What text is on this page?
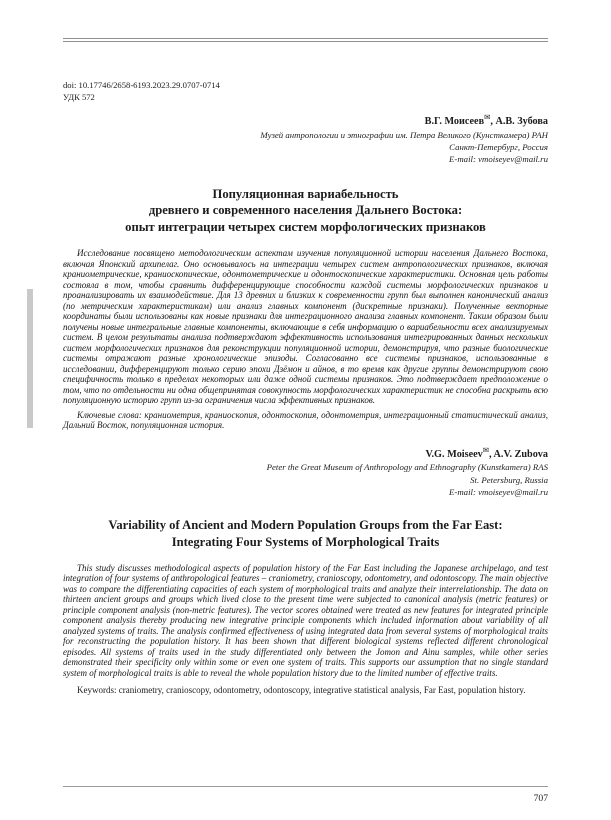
doi: 10.17746/2658-6193.2023.29.0707-0714

УДК 572

В.Г. Моисеев✉, А.В. Зубова

Музей антропологии и этнографии им. Петра Великого (Кунсткамера) РАН

Санкт-Петербург, Россия

E-mail: vmoiseyev@mail.ru

Популяционная вариабельность
древнего и современного населения Дальнего Востока:
опыт интеграции четырех систем морфологических признаков

Исследование посвящено методологическим аспектам изучения популяционной истории населения Дальнего Востока, включая Японский архипелаг. Оно основывалось на интеграции четырех систем антропологических признаков, включая краниометрические, краниоскопические, одонтометрические и одонтоскопические характеристики. Основная цель работы состояла в том, чтобы сравнить дифференцирующие способности каждой системы морфологических признаков и проанализировать их взаимодействие. Для 13 древних и близких к современности групп был выполнен канонический анализ (по метрическим характеристикам) или анализ главных компонент (дискретные признаки). Полученные векторные координаты были использованы как новые признаки для интеграционного анализа главных компонент. Таким образом были получены новые интегральные главные компоненты, включающие в себя информацию о вариабельности всех анализируемых систем. В целом результаты анализа подтверждают эффективность использования интегрированных данных нескольких систем морфологических признаков для реконструкции популяционной истории, демонстрируя, что разные биологические системы отражают разные хронологические эпизоды. Согласованно все системы признаков, использованные в исследовании, дифференцируют только серию эпохи Дзёмон и айнов, в то время как другие группы демонстрируют свою специфичность только в пределах некоторых или даже одной системы признаков. Это подтверждает предположение о том, что по отдельности ни одна общепринятая совокупность морфологических характеристик не способна раскрыть всю популяционную историю групп из-за ограничения числа эффективных признаков.

Ключевые слова: краниометрия, краниоскопия, одонтоскопия, одонтометрия, интеграционный статистический анализ, Дальний Восток, популяционная история.

V.G. Moiseev✉, A.V. Zubova

Peter the Great Museum of Anthropology and Ethnography (Kunstkamera) RAS

St. Petersburg, Russia

E-mail: vmoiseyev@mail.ru

Variability of Ancient and Modern Population Groups from the Far East:
Integrating Four Systems of Morphological Traits

This study discusses methodological aspects of population history of the Far East including the Japanese archipelago, and test integration of four systems of anthropological features – craniometry, cranioscopy, odontometry, and odontoscopy. The main objective was to compare the differentiating capacities of each system of morphological traits and analyze their interrelationship. The data on thirteen ancient groups and groups which lived close to the present time were subjected to canonical analysis (metric features) or principle component analysis (non-metric features). The vector scores obtained were treated as new features for integrated principle component analysis thereby producing new integrative principle components which included information about variability of all analyzed systems of traits. The analysis confirmed effectiveness of using integrated data from several systems of morphological traits for reconstructing the population history. It has been shown that different biological systems reflected different chronological episodes. All systems of traits used in the study differentiated only between the Jomon and Ainu samples, while other series demonstrated their specificity only within some or even one system of traits. This supports our assumption that no single standard system of morphological traits is able to reveal the whole population history due to the limited number of effective traits.

Keywords: craniometry, cranioscopy, odontometry, odontoscopy, integrative statistical analysis, Far East, population history.

707
